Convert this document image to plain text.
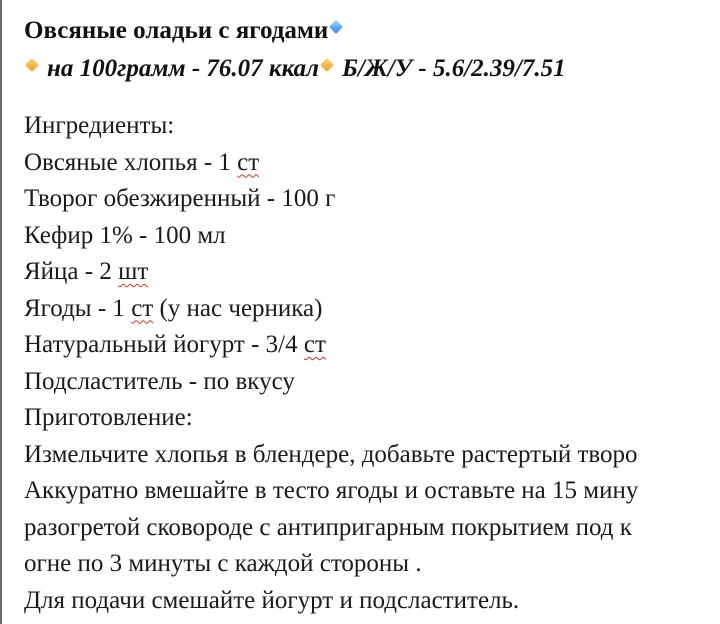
Овсяные оладьи с ягодами
на 100грамм - 76.07 ккал Б/Ж/У - 5.6/2.39/7.51
Ингредиенты:
Овсяные хлопья - 1 ст
Творог обезжиренный - 100 г
Кефир 1% - 100 мл
Яйца - 2 шт
Ягоды - 1 ст (у нас черника)
Натуральный йогурт - 3/4 ст
Подсластитель - по вкусу
Приготовление:
Измельчите хлопья в блендере, добавьте растертый творо
Аккуратно вмешайте в тесто ягоды и оставьте на 15 мину
разогретой сковороде с антипригарным покрытием под к
огне по 3 минуты с каждой стороны .
Для подачи смешайте йогурт и подсластитель.
